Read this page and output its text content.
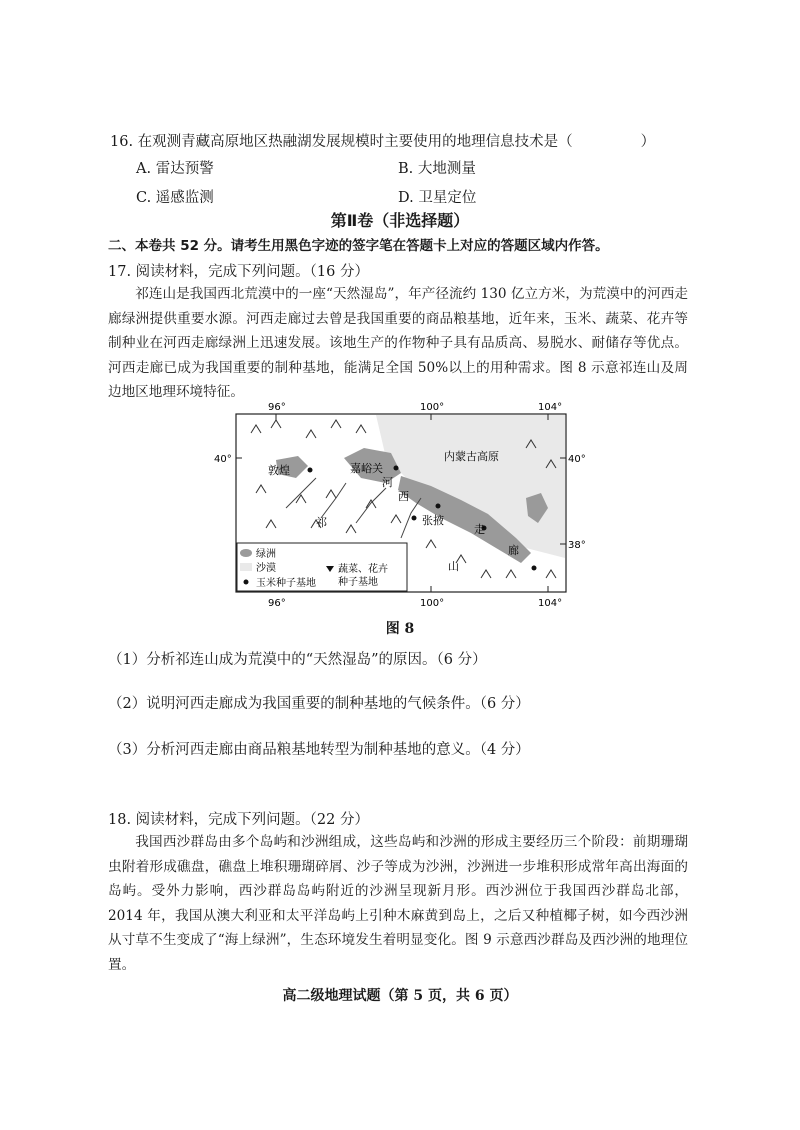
16. 在观测青藏高原地区热融湖发展规模时主要使用的地理信息技术是（	）
A. 雷达预警	B. 大地测量
C. 遥感监测	D. 卫星定位
第Ⅱ卷（非选择题）
二、本卷共 52 分。请考生用黑色字迹的签字笔在答题卡上对应的答题区域内作答。
17. 阅读材料，完成下列问题。（16 分）
祁连山是我国西北荒漠中的一座“天然湿岛”，年产径流约 130 亿立方米，为荒漠中的河西走廊绿洲提供重要水源。河西走廊过去曾是我国重要的商品粮基地，近年来，玉米、蔬菜、花卉等制种业在河西走廊绿洲上迅速发展。该地生产的作物种子具有品质高、易脱水、耐储存等优点。河西走廊已成为我国重要的制种基地，能满足全国 50%以上的用种需求。图 8 示意祁连山及周边地区地理环境特征。
96°	100°	104°
96°	100°	104°
40°	40°
38°
敦煌	嘉峪关
内蒙古高原
张掖
河
西
走
廊
祁
山
绿洲
沙漠
玉米种子基地
蔬菜、花卉
种子基地
图 8
（1）分析祁连山成为荒漠中的“天然湿岛”的原因。（6 分）
（2）说明河西走廊成为我国重要的制种基地的气候条件。（6 分）
（3）分析河西走廊由商品粮基地转型为制种基地的意义。（4 分）
18. 阅读材料，完成下列问题。（22 分）
我国西沙群岛由多个岛屿和沙洲组成，这些岛屿和沙洲的形成主要经历三个阶段：前期珊瑚虫附着形成礁盘，礁盘上堆积珊瑚碎屑、沙子等成为沙洲，沙洲进一步堆积形成常年高出海面的岛屿。受外力影响，西沙群岛岛屿附近的沙洲呈现新月形。西沙洲位于我国西沙群岛北部， 2014 年，我国从澳大利亚和太平洋岛屿上引种木麻黄到岛上，之后又种植椰子树，如今西沙洲从寸草不生变成了“海上绿洲”，生态环境发生着明显变化。图 9 示意西沙群岛及西沙洲的地理位置。
高二级地理试题（第 5 页，共 6 页）
